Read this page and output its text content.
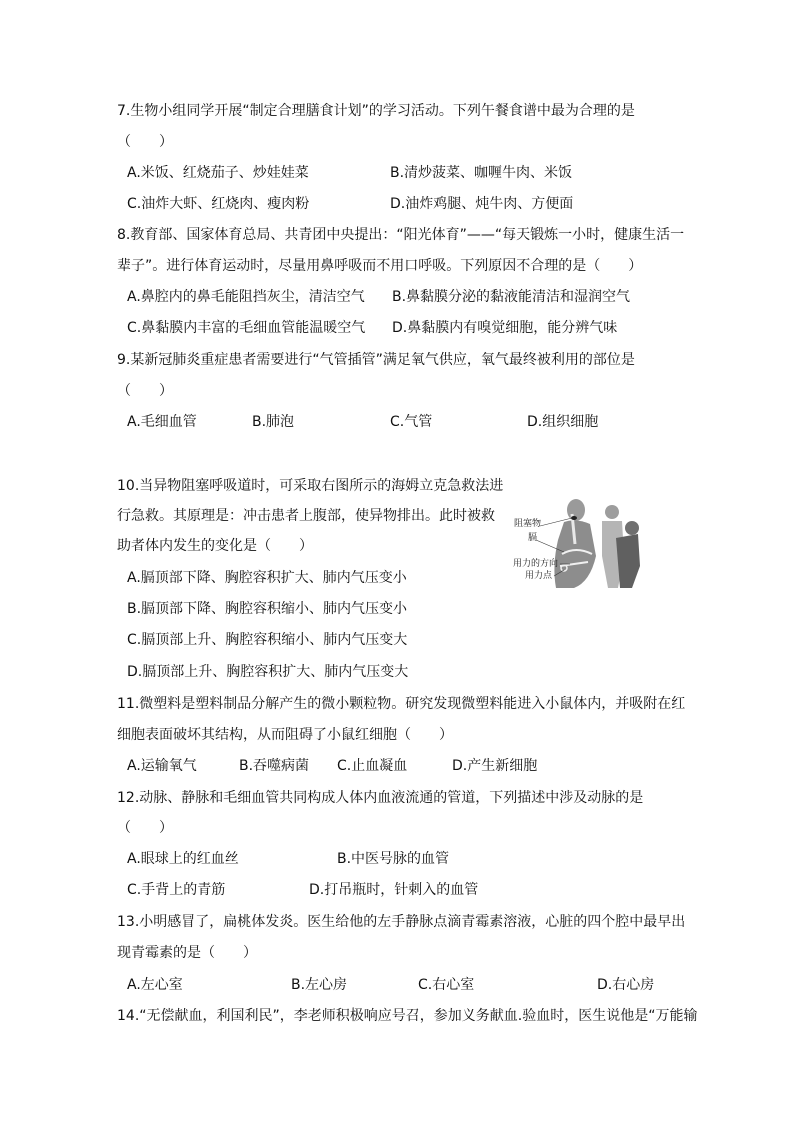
7.生物小组同学开展“制定合理膳食计划”的学习活动。下列午餐食谱中最为合理的是
（　　）
A.米饭、红烧茄子、炒娃娃菜	B.清炒菠菜、咖喱牛肉、米饭
C.油炸大虾、红烧肉、瘦肉粉	D.油炸鸡腿、炖牛肉、方便面
8.教育部、国家体育总局、共青团中央提出：“阳光体育”——“每天锻炼一小时，健康生活一
辈子”。进行体育运动时，尽量用鼻呼吸而不用口呼吸。下列原因不合理的是（　　）
A.鼻腔内的鼻毛能阻挡灰尘，清洁空气 B.鼻黏膜分泌的黏液能清洁和湿润空气
C.鼻黏膜内丰富的毛细血管能温暖空气 D.鼻黏膜内有嗅觉细胞，能分辨气味
9.某新冠肺炎重症患者需要进行“气管插管”满足氧气供应，氧气最终被利用的部位是
（　　）
A.毛细血管	B.肺泡	C.气管	D.组织细胞
10.当异物阻塞呼吸道时，可采取右图所示的海姆立克急救法进
行急救。其原理是：冲击患者上腹部，使异物排出。此时被救
助者体内发生的变化是（　　）
A.膈顶部下降、胸腔容积扩大、肺内气压变小
B.膈顶部下降、胸腔容积缩小、肺内气压变小
C.膈顶部上升、胸腔容积缩小、肺内气压变大
D.膈顶部上升、胸腔容积扩大、肺内气压变大
阻塞物
膈
用力的方向
用力点
11.微塑料是塑料制品分解产生的微小颗粒物。研究发现微塑料能进入小鼠体内，并吸附在红
细胞表面破坏其结构，从而阻碍了小鼠红细胞（　　）
A.运输氧气	B.吞噬病菌 C.止血凝血	D.产生新细胞
12.动脉、静脉和毛细血管共同构成人体内血液流通的管道，下列描述中涉及动脉的是
（　　）
A.眼球上的红血丝	B.中医号脉的血管
C.手背上的青筋	D.打吊瓶时，针刺入的血管
13.小明感冒了，扁桃体发炎。医生给他的左手静脉点滴青霉素溶液，心脏的四个腔中最早出
现青霉素的是（　　）
A.左心室	B.左心房	C.右心室	D.右心房
14.“无偿献血，利国利民”，李老师积极响应号召，参加义务献血.验血时，医生说他是“万能输
